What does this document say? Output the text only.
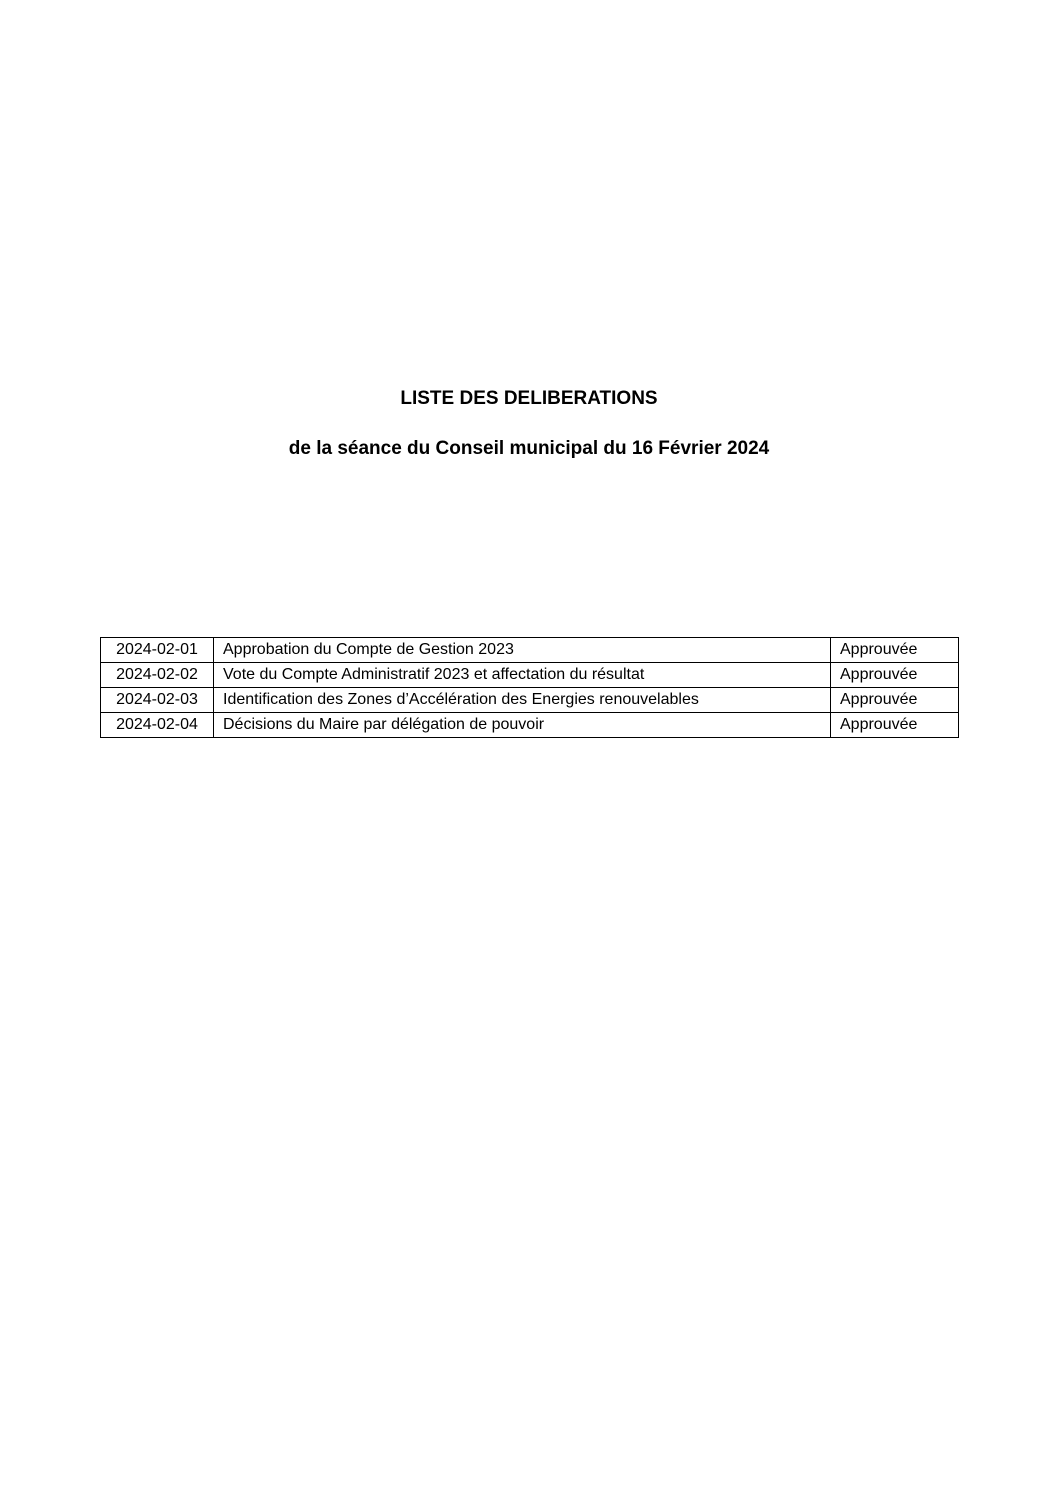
LISTE DES DELIBERATIONS
de la séance du Conseil municipal du 16 Février 2024
2024-02-01	Approbation du Compte de Gestion 2023	Approuvée
2024-02-02	Vote du Compte Administratif 2023 et affectation du résultat	Approuvée
2024-02-03	Identification des Zones d’Accélération des Energies renouvelables	Approuvée
2024-02-04	Décisions du Maire par délégation de pouvoir	Approuvée
